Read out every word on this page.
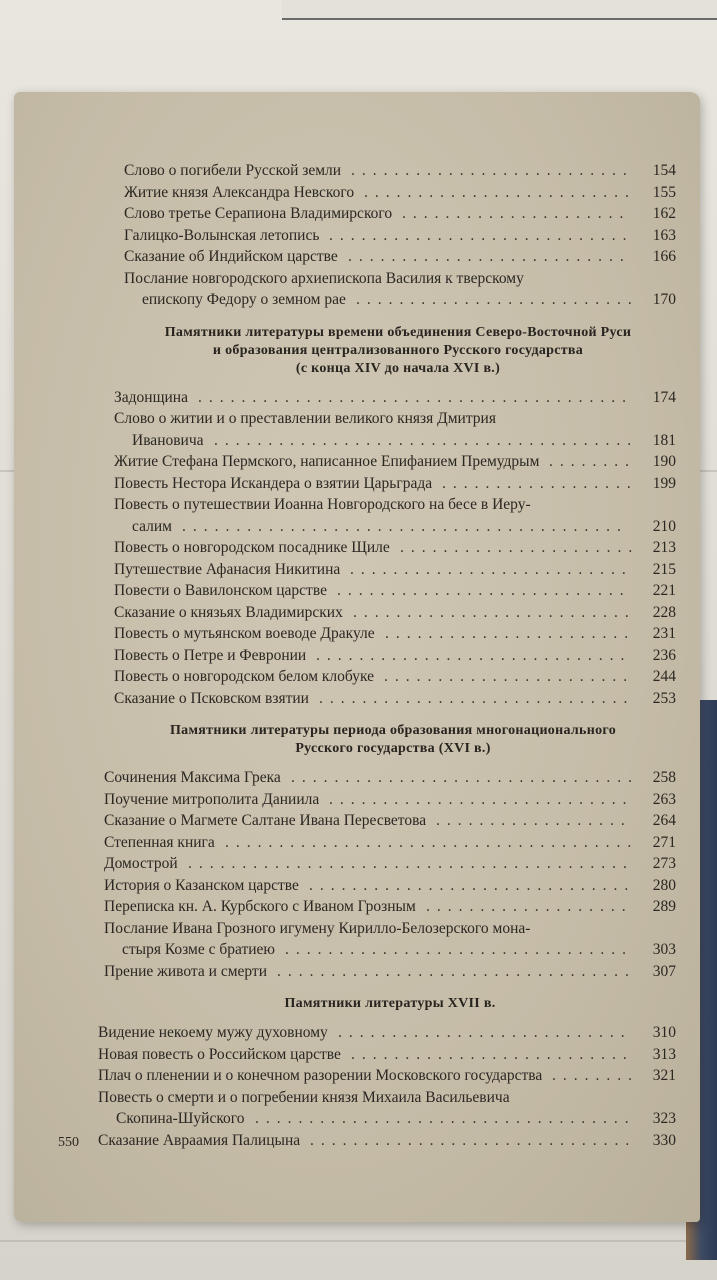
Слово о погибели Русской земли	154
..........................
Житие князя Александра Невского	155
.........................
Слово третье Серапиона Владимирского	162
.....................
Галицко-Волынская летопись	163
............................
Сказание об Индийском царстве	166
..........................
Послание новгородского архиепископа Василия к тверскому
епископу Федору о земном рае	170
..........................
Памятники литературы времени объединения Северо-Восточной Руси
и образования централизованного Русского государства
(с конца XIV до начала XVI в.)
Задонщина	174
........................................
Слово о житии и о преставлении великого князя Дмитрия
Ивановича	181
.......................................
Житие Стефана Пермского, написанное Епифанием Премудрым	190
........
Повесть Нестора Искандера о взятии Царьграда	199
..................
Повесть о путешествии Иоанна Новгородского на бесе в Иеру-
салим	210
.........................................
Повесть о новгородском посаднике Щиле	213
......................
Путешествие Афанасия Никитина	215
..........................
Повести о Вавилонском царстве	221
...........................
Сказание о князьях Владимирских	228
..........................
Повесть о мутьянском воеводе Дракуле	231
.......................
Повесть о Петре и Февронии	236
.............................
Повесть о новгородском белом клобуке	244
.......................
Сказание о Псковском взятии	253
.............................
Памятники литературы периода образования многонационального
Русского государства (XVI в.)
Сочинения Максима Грека	258
................................
Поучение митрополита Даниила	263
............................
Сказание о Магмете Салтане Ивана Пересветова	264
..................
Степенная книга	271
......................................
Домострой	273
.........................................
История о Казанском царстве	280
..............................
Переписка кн. А. Курбского с Иваном Грозным	289
...................
Послание Ивана Грозного игумену Кирилло-Белозерского мона-
стыря Козме с братиею	303
................................
Прение живота и смерти	307
.................................
Памятники литературы XVII в.
Видение некоему мужу духовному	310
...........................
Новая повесть о Российском царстве	313
..........................
Плач о пленении и о конечном разорении Московского государства	321
........
Повесть о смерти и о погребении князя Михаила Васильевича
Скопина-Шуйского	323
...................................
Сказание Авраамия Палицына	330
..............................
550
